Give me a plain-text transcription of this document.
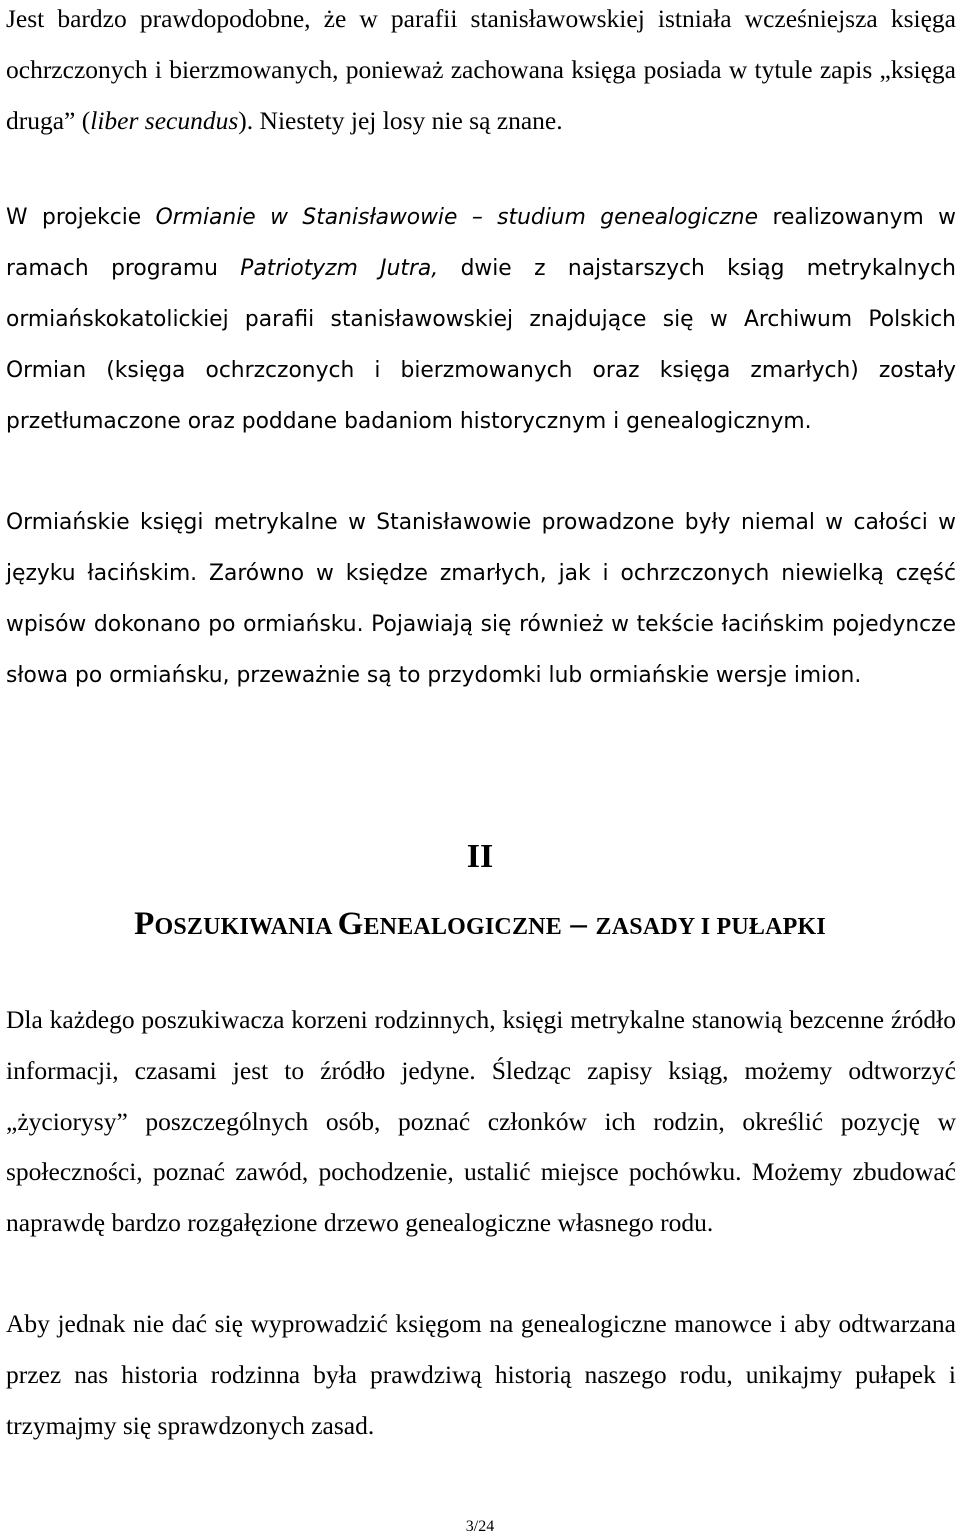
Jest bardzo prawdopodobne, że w parafii stanisławowskiej istniała wcześniejsza księga ochrzczonych i bierzmowanych, ponieważ zachowana księga posiada w tytule zapis „księga druga” (liber secundus). Niestety jej losy nie są znane.

W projekcie Ormianie w Stanisławowie – studium genealogiczne realizowanym w ramach programu Patriotyzm Jutra, dwie z najstarszych ksiąg metrykalnych ormiańskokatolickiej parafii stanisławowskiej znajdujące się w Archiwum Polskich Ormian (księga ochrzczonych i bierzmowanych oraz księga zmarłych) zostały przetłumaczone oraz poddane badaniom historycznym i genealogicznym.

Ormiańskie księgi metrykalne w Stanisławowie prowadzone były niemal w całości w języku łacińskim. Zarówno w księdze zmarłych, jak i ochrzczonych niewielką część wpisów dokonano po ormiańsku. Pojawiają się również w tekście łacińskim pojedyncze słowa po ormiańsku, przeważnie są to przydomki lub ormiańskie wersje imion.

II
POSZUKIWANIA GENEALOGICZNE – ZASADY I PUŁAPKI

Dla każdego poszukiwacza korzeni rodzinnych, księgi metrykalne stanowią bezcenne źródło informacji, czasami jest to źródło jedyne. Śledząc zapisy ksiąg, możemy odtworzyć „życiorysy” poszczególnych osób, poznać członków ich rodzin, określić pozycję w społeczności, poznać zawód, pochodzenie, ustalić miejsce pochówku. Możemy zbudować naprawdę bardzo rozgałęzione drzewo genealogiczne własnego rodu.

Aby jednak nie dać się wyprowadzić księgom na genealogiczne manowce i aby odtwarzana przez nas historia rodzinna była prawdziwą historią naszego rodu, unikajmy pułapek i trzymajmy się sprawdzonych zasad.

3/24
